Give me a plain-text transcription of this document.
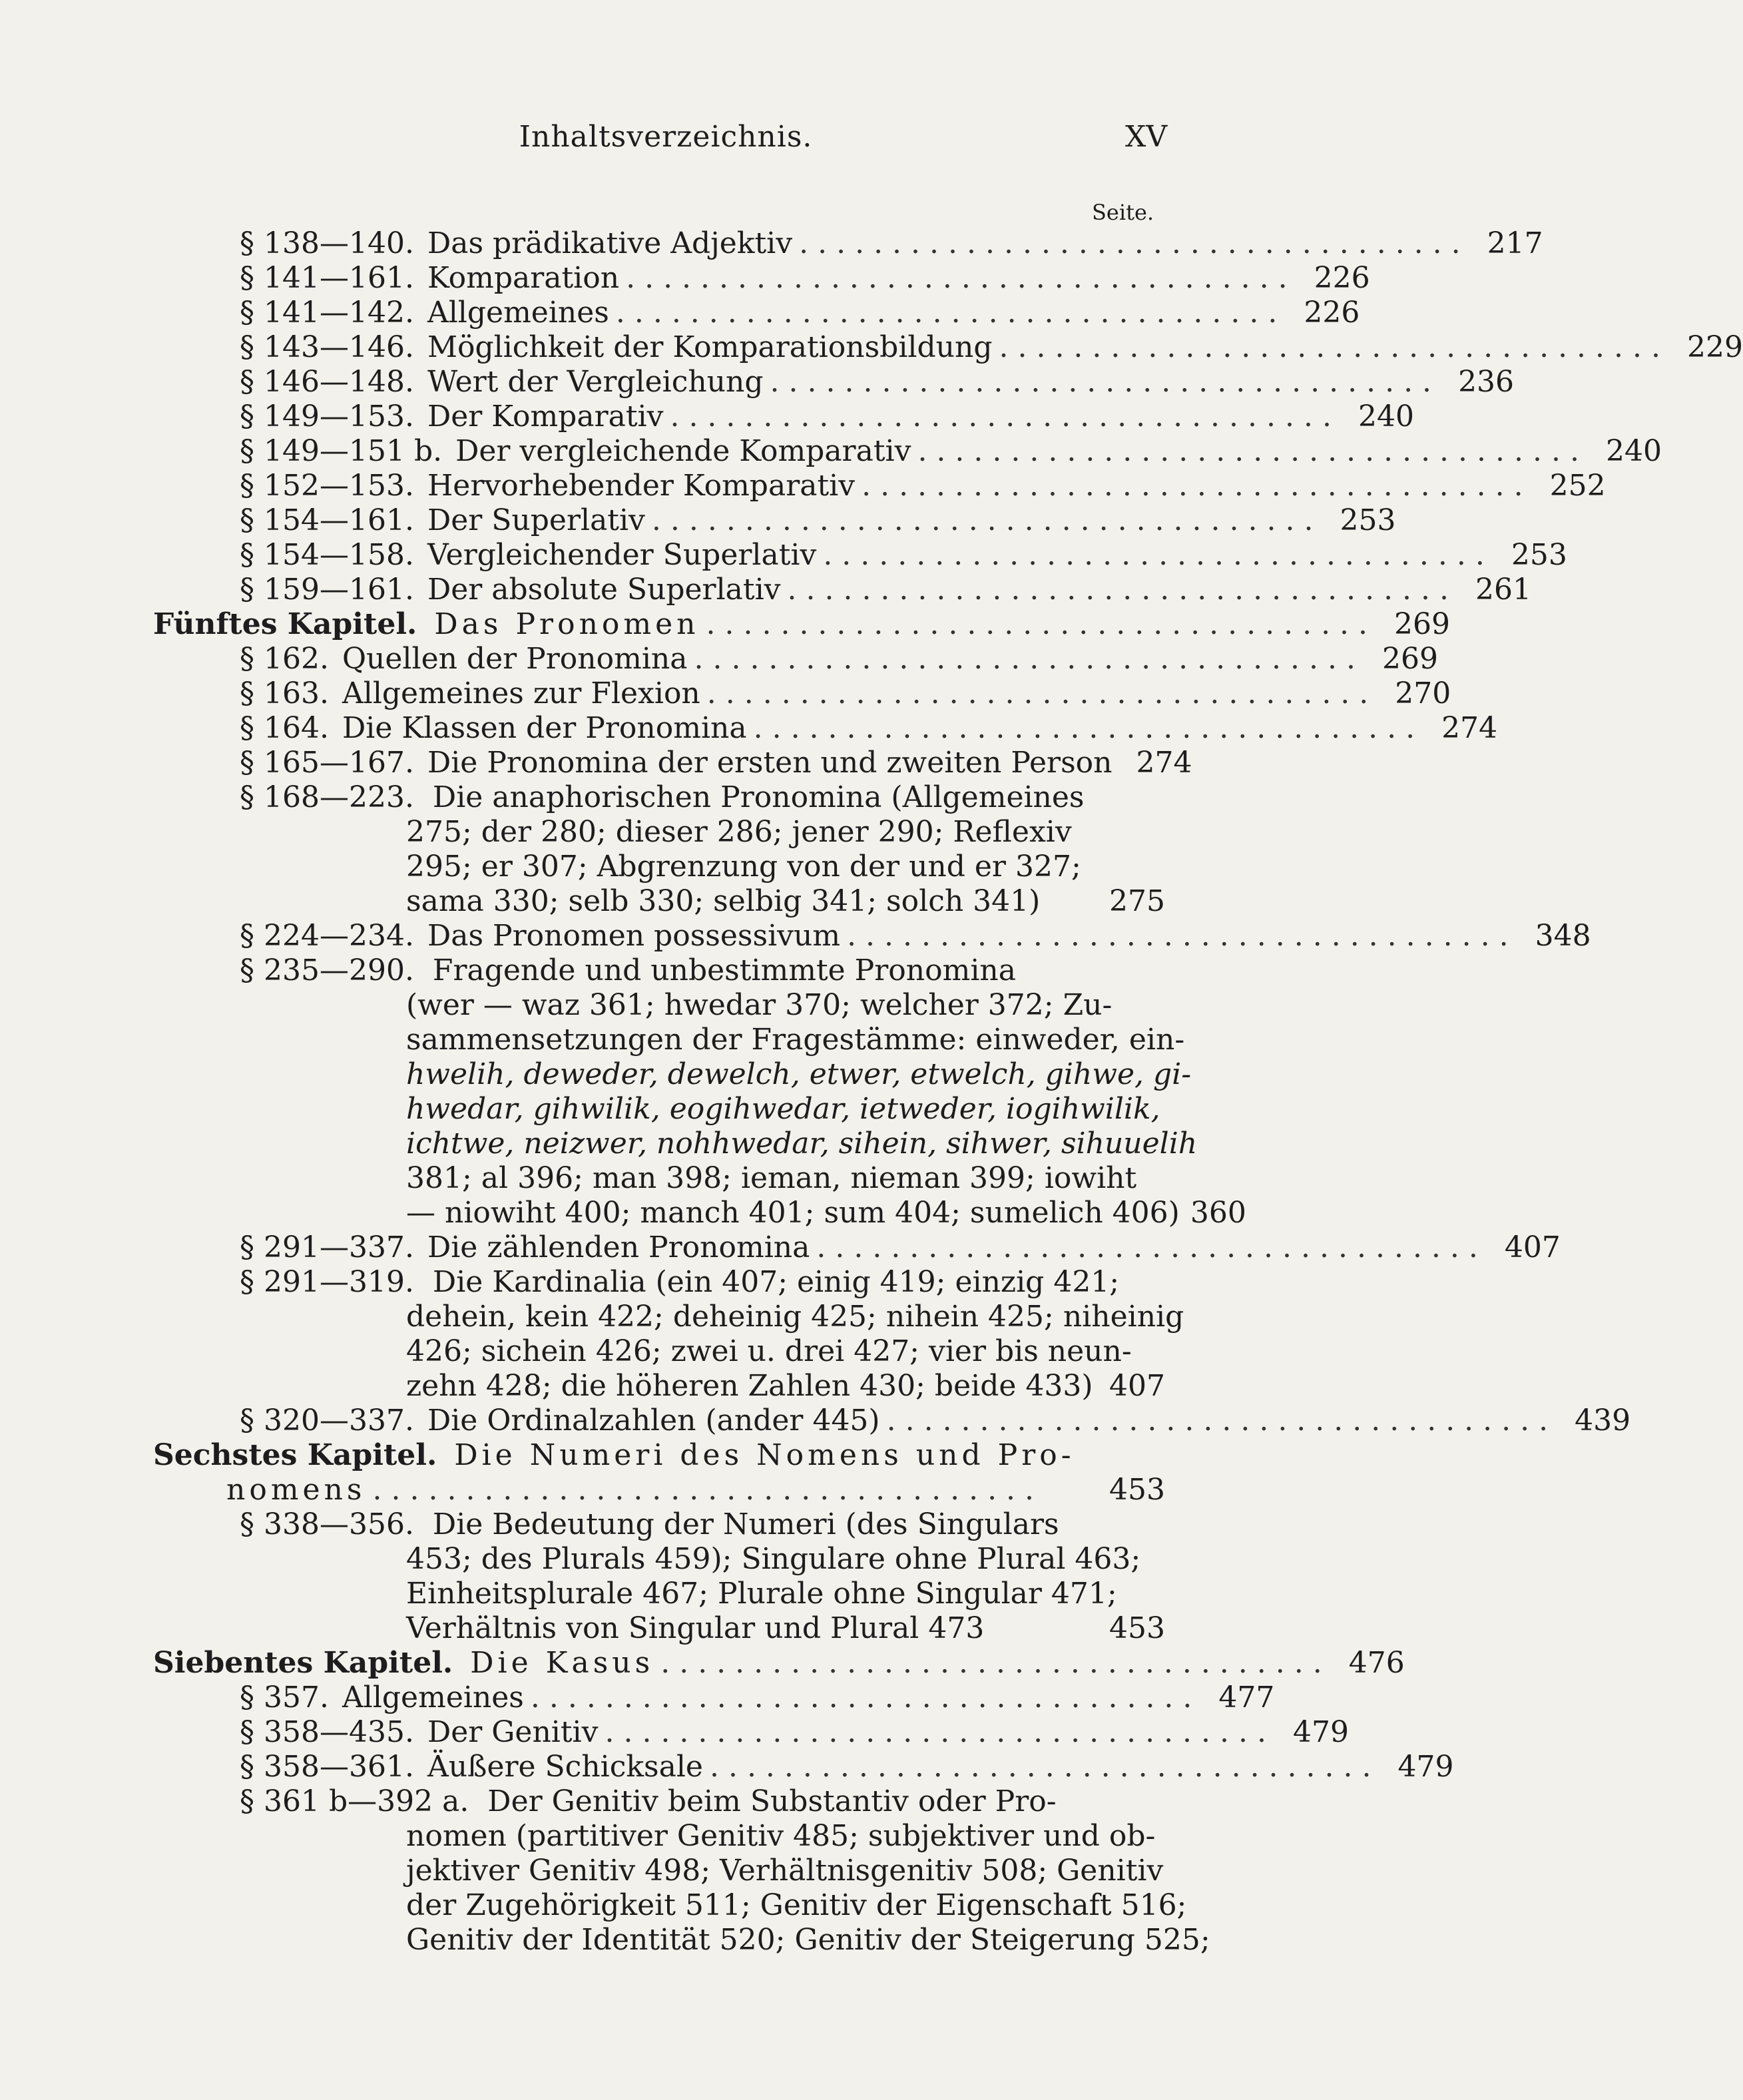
Inhaltsverzeichnis.	XV
Seite.
§ 138—140. Das prädikative Adjektiv .................................... 217
§ 141—161. Komparation .................................... 226
§ 141—142. Allgemeines .................................... 226
§ 143—146. Möglichkeit der Komparationsbildung .................................... 229
§ 146—148. Wert der Vergleichung .................................... 236
§ 149—153. Der Komparativ .................................... 240
§ 149—151 b. Der vergleichende Komparativ .................................... 240
§ 152—153. Hervorhebender Komparativ .................................... 252
§ 154—161. Der Superlativ .................................... 253
§ 154—158. Vergleichender Superlativ .................................... 253
§ 159—161. Der absolute Superlativ .................................... 261
Fünftes Kapitel. Das Pronomen .................................... 269
§ 162. Quellen der Pronomina .................................... 269
§ 163. Allgemeines zur Flexion .................................... 270
§ 164. Die Klassen der Pronomina .................................... 274
§ 165—167. Die Pronomina der ersten und zweiten Person 274
§ 168—223. Die anaphorischen Pronomina (Allgemeines
275; der 280; dieser 286; jener 290; Reflexiv
295; er 307; Abgrenzung von der und er 327;
sama 330; selb 330; selbig 341; solch 341)	275
§ 224—234. Das Pronomen possessivum .................................... 348
§ 235—290. Fragende und unbestimmte Pronomina
(wer — waz 361; hwedar 370; welcher 372; Zu-
sammensetzungen der Fragestämme: einweder, ein-
hwelih, deweder, dewelch, etwer, etwelch, gihwe, gi-
hwedar, gihwilik, eogihwedar, ietweder, iogihwilik,
ichtwe, neizwer, nohhwedar, sihein, sihwer, sihuuelih
381; al 396; man 398; ieman, nieman 399; iowiht
— niowiht 400; manch 401; sum 404; sumelich 406) 360
§ 291—337. Die zählenden Pronomina .................................... 407
§ 291—319. Die Kardinalia (ein 407; einig 419; einzig 421;
dehein, kein 422; deheinig 425; nihein 425; niheinig
426; sichein 426; zwei u. drei 427; vier bis neun-
zehn 428; die höheren Zahlen 430; beide 433) 407
§ 320—337. Die Ordinalzahlen (ander 445) .................................... 439
Sechstes Kapitel. Die Numeri des Nomens und Pro-
nomens ....................................	453
§ 338—356. Die Bedeutung der Numeri (des Singulars
453; des Plurals 459); Singulare ohne Plural 463;
Einheitsplurale 467; Plurale ohne Singular 471;
Verhältnis von Singular und Plural 473	453
Siebentes Kapitel. Die Kasus .................................... 476
§ 357. Allgemeines .................................... 477
§ 358—435. Der Genitiv .................................... 479
§ 358—361. Äußere Schicksale .................................... 479
§ 361 b—392 a. Der Genitiv beim Substantiv oder Pro-
nomen (partitiver Genitiv 485; subjektiver und ob-
jektiver Genitiv 498; Verhältnisgenitiv 508; Genitiv
der Zugehörigkeit 511; Genitiv der Eigenschaft 516;
Genitiv der Identität 520; Genitiv der Steigerung 525;
